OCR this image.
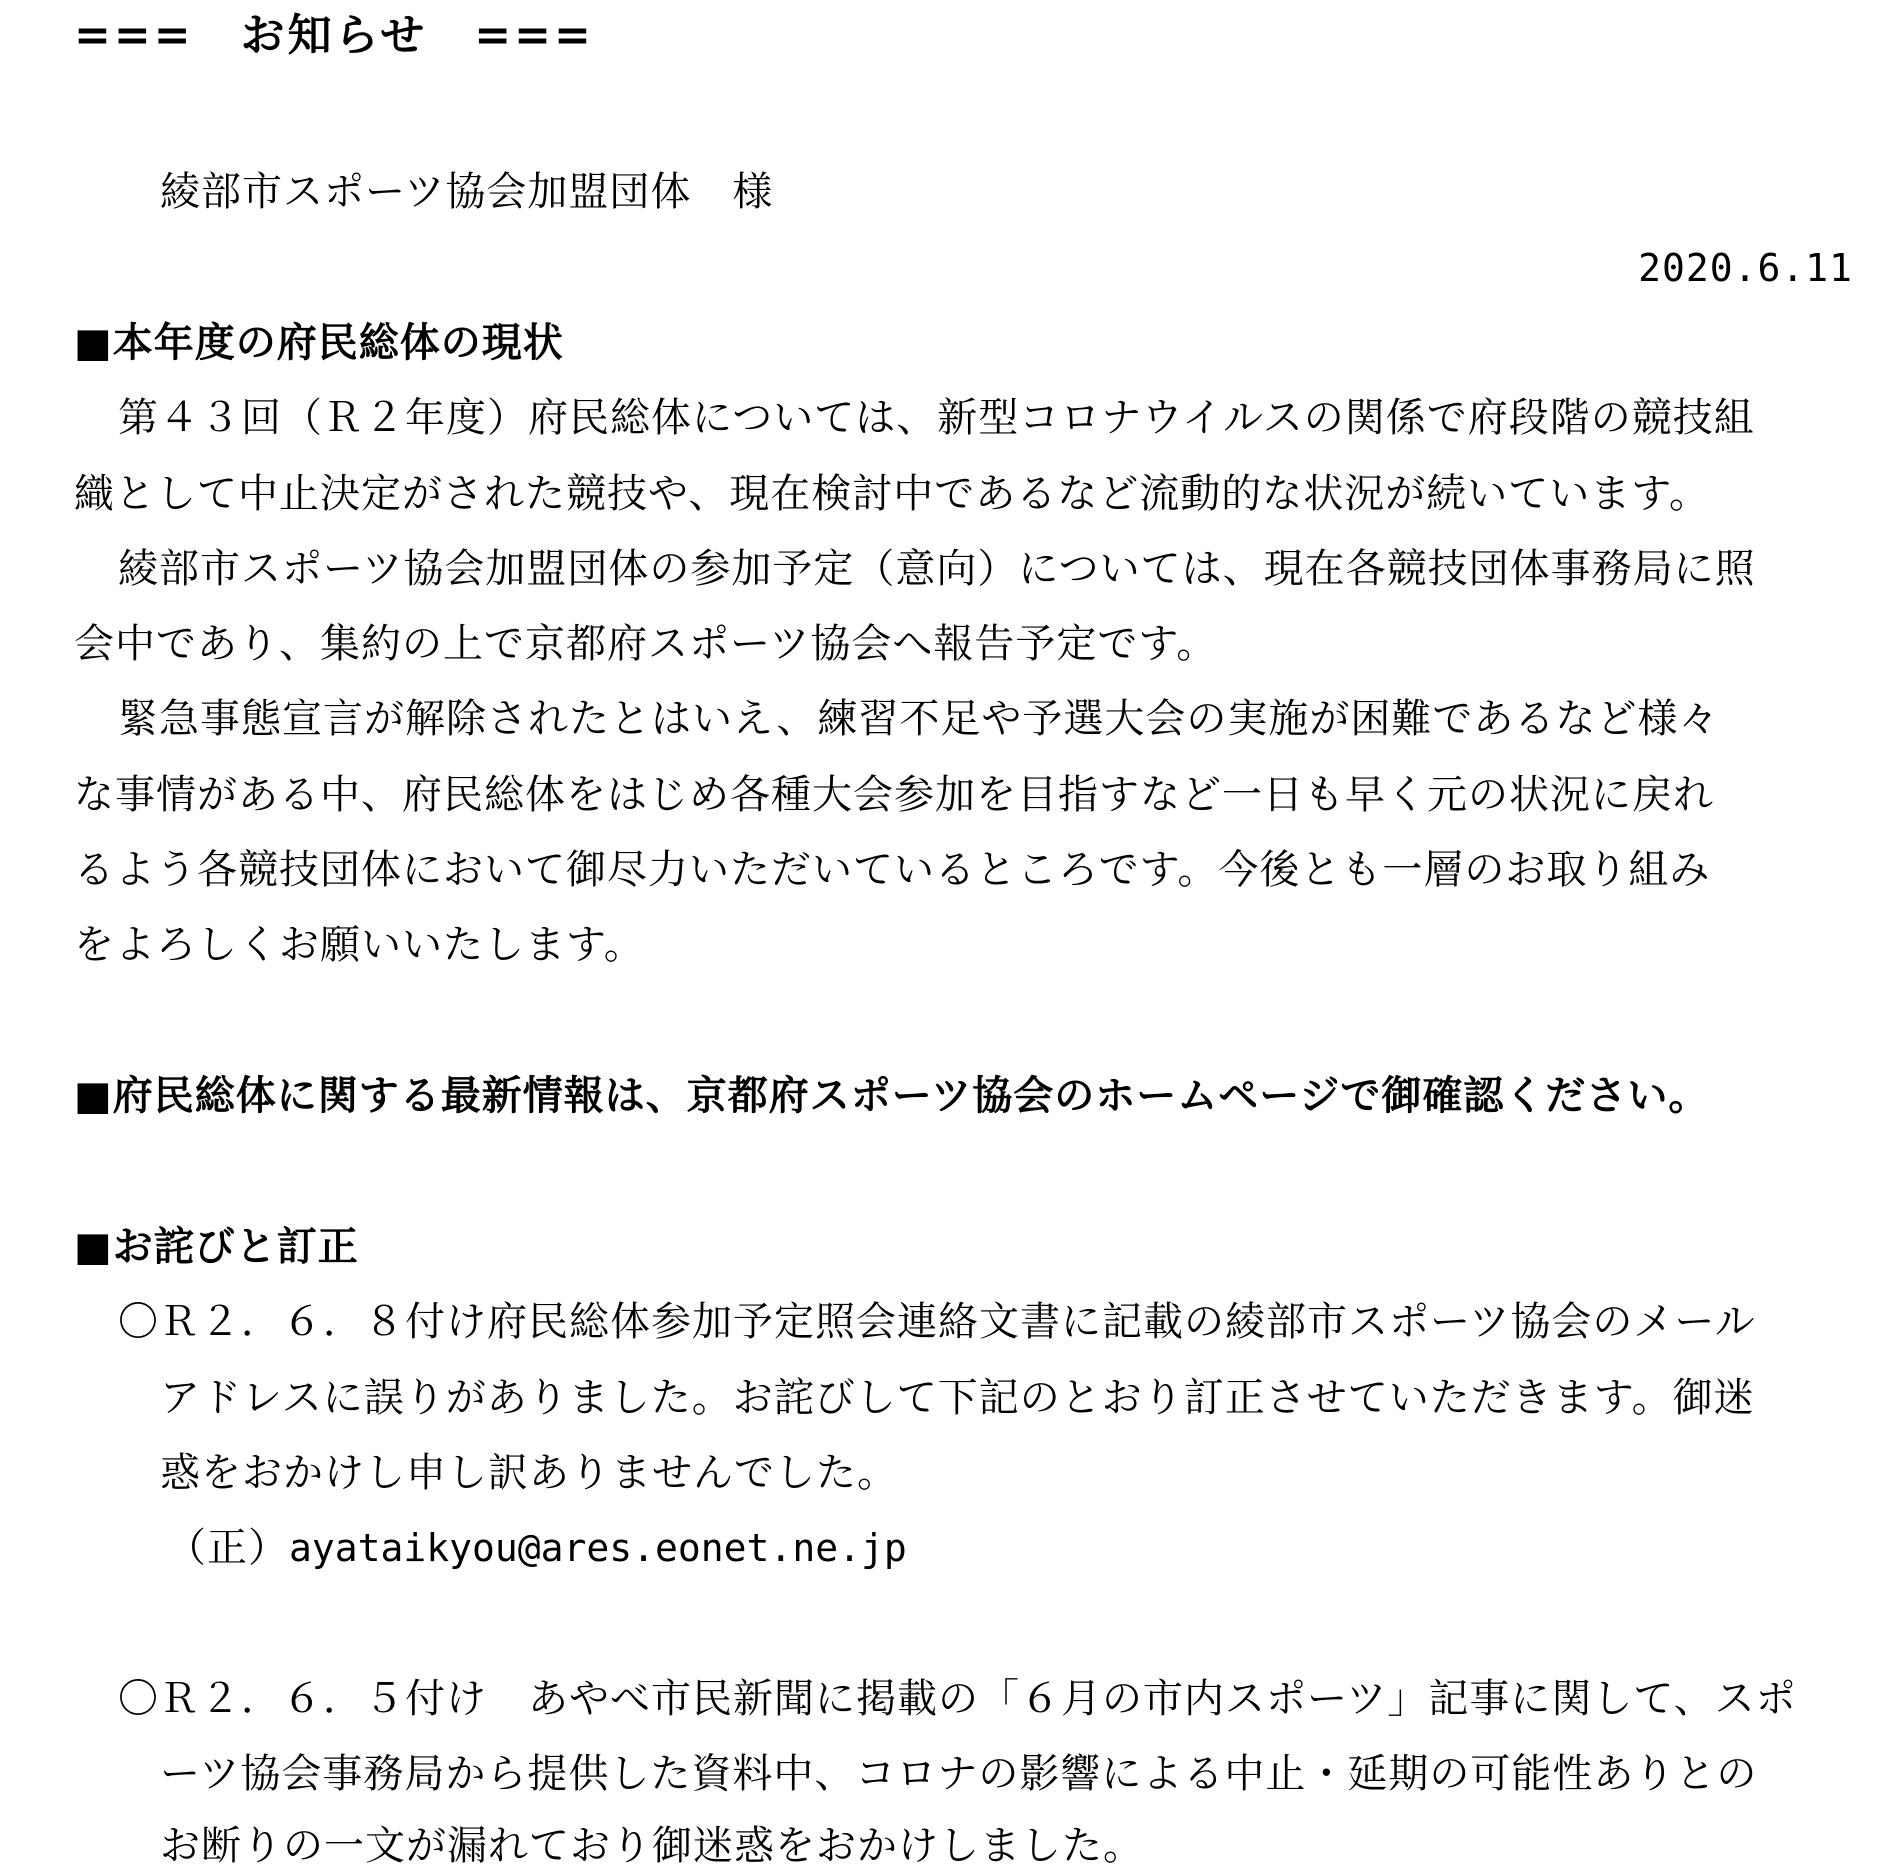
===　お知らせ　===

綾部市スポーツ協会加盟団体　様

2020.6.11

■本年度の府民総体の現状

第４３回（Ｒ２年度）府民総体については、新型コロナウイルスの関係で府段階の競技組

織として中止決定がされた競技や、現在検討中であるなど流動的な状況が続いています。

綾部市スポーツ協会加盟団体の参加予定（意向）については、現在各競技団体事務局に照

会中であり、集約の上で京都府スポーツ協会へ報告予定です。

緊急事態宣言が解除されたとはいえ、練習不足や予選大会の実施が困難であるなど様々

な事情がある中、府民総体をはじめ各種大会参加を目指すなど一日も早く元の状況に戻れ

るよう各競技団体において御尽力いただいているところです。今後とも一層のお取り組み

をよろしくお願いいたします。

■府民総体に関する最新情報は、京都府スポーツ協会のホームページで御確認ください。

■お詫びと訂正

〇Ｒ２．６．８付け府民総体参加予定照会連絡文書に記載の綾部市スポーツ協会のメール

アドレスに誤りがありました。お詫びして下記のとおり訂正させていただきます。御迷

惑をおかけし申し訳ありませんでした。

（正）ayataikyou@ares.eonet.ne.jp

〇Ｒ２．６．５付け　あやべ市民新聞に掲載の「６月の市内スポーツ」記事に関して、スポ

ーツ協会事務局から提供した資料中、コロナの影響による中止・延期の可能性ありとの

お断りの一文が漏れており御迷惑をおかけしました。
